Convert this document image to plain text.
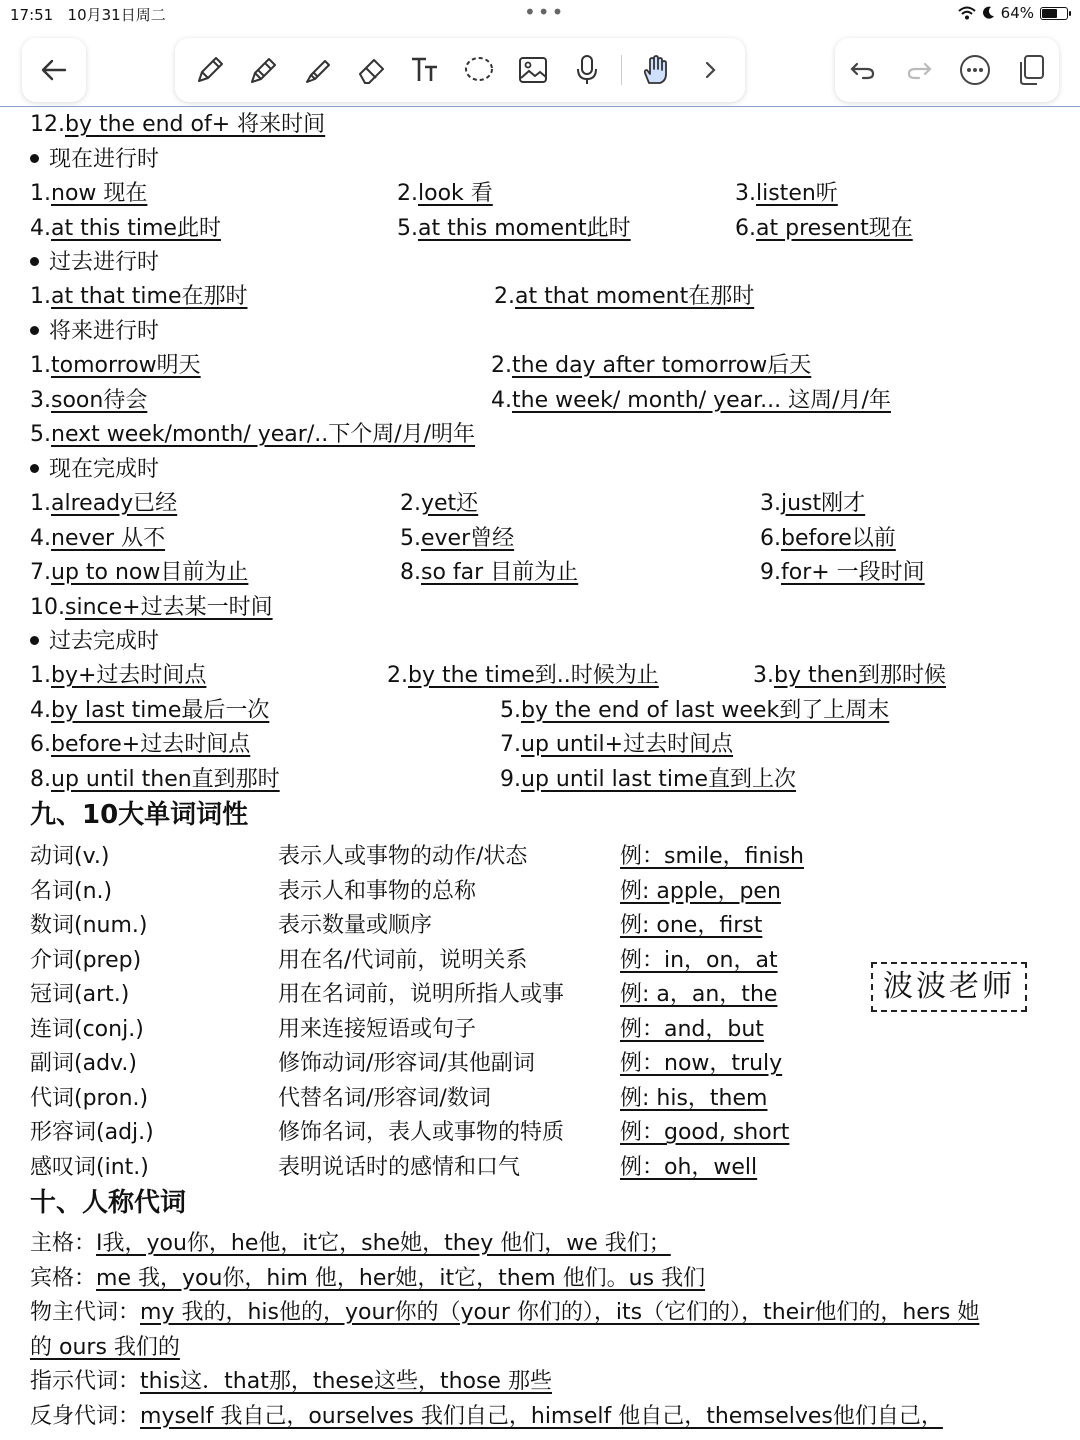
17:51 10月31日周二	•••	64%
12.by the end of+ 将来时间
现在进行时
1.now 现在	2.look 看	3.listen听
4.at this time此时	5.at this moment此时	6.at present现在
过去进行时
1.at that time在那时	2.at that moment在那时
将来进行时
1.tomorrow明天	2.the day after tomorrow后天
3.soon待会	4.the week/ month/ year... 这周/月/年
5.next week/month/ year/..下个周/月/明年
现在完成时
1.already已经	2.yet还	3.just刚才
4.never 从不	5.ever曾经	6.before以前
7.up to now目前为止	8.so far 目前为止	9.for+ 一段时间
10.since+过去某一时间
过去完成时
1.by+过去时间点	2.by the time到..时候为止	3.by then到那时候
4.by last time最后一次	5.by the end of last week到了上周末
6.before+过去时间点	7.up until+过去时间点
8.up until then直到那时	9.up until last time直到上次
九、10大单词词性
动词(v.)	表示人或事物的动作/状态	例：smile，finish
名词(n.)	表示人和事物的总称	例: apple，pen
数词(num.)	表示数量或顺序	例: one，first
介词(prep)	用在名/代词前，说明关系	例：in，on，at
冠词(art.)	用在名词前，说明所指人或事	例: a，an，the
连词(conj.)	用来连接短语或句子	例：and，but
副词(adv.)	修饰动词/形容词/其他副词	例：now，truly
代词(pron.)	代替名词/形容词/数词	例: his，them
形容词(adj.)	修饰名词，表人或事物的特质	例：good, short
感叹词(int.)	表明说话时的感情和口气	例：oh，well
十、人称代词
主格：I我，you你，he他，it它，she她，they 他们，we 我们；
宾格：me 我，you你，him 他，her她，it它，them 他们。us 我们
物主代词：my 我的，his他的，your你的（your 你们的），its（它们的），their他们的，hers 她
的 ours 我们的
指示代词：this这．that那，these这些，those 那些
反身代词：myself 我自己，ourselves 我们自己，himself 他自己，themselves他们自己，
波波老师
